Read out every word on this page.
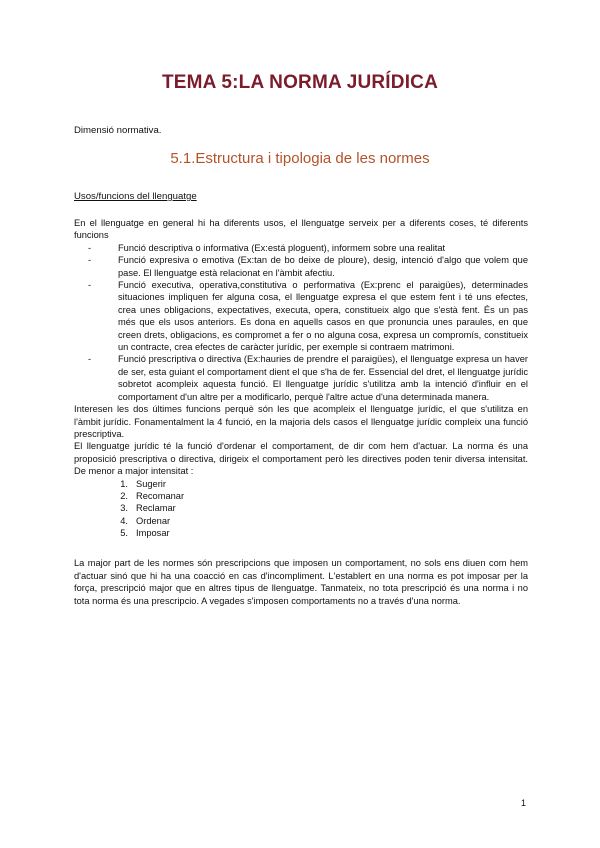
TEMA 5:LA NORMA JURÍDICA
Dimensió normativa.
5.1.Estructura i tipologia de les normes
Usos/funcions del llenguatge

En el llenguatge en general hi ha diferents usos, el llenguatge serveix per a diferents coses, té diferents funcions

- Funció descriptiva o informativa (Ex:está ploguent), informem sobre una realitat
- Funció expresiva o emotiva (Ex:tan de bo deixe de ploure), desig, intenció d'algo que volem que pase. El llenguatge està relacionat en l'àmbit afectiu.
- Funció executiva, operativa,constitutiva o performativa (Ex:prenc el paraigües), determinades situaciones impliquen fer alguna cosa, el llenguatge expresa el que estem fent i té uns efectes, crea unes obligacions, expectatives, executa, opera, constitueix algo que s'està fent. És un pas més que els usos anteriors. Es dona en aquells casos en que pronuncia unes paraules, en que creen drets, obligacions, es compromet a fer o no alguna cosa, expresa un compromís, constitueix un contracte, crea efectes de caràcter jurídic, per exemple si contraem matrimoni.
- Funció prescriptiva o directiva (Ex:hauries de prendre el paraigües), el llenguatge expresa un haver de ser, esta guiant el comportament dient el que s'ha de fer. Essencial del dret, el llenguatge jurídic sobretot acompleix aquesta funció. El llenguatge jurídic s'utilitza amb la intenció d'influir en el comportament d'un altre per a modificarlo, perquè l'altre actue d'una determinada manera.

Interesen les dos últimes funcions perquè són les que acompleix el llenguatge jurídic, el que s'utilitza en l'àmbit jurídic. Fonamentalment la 4 funció, en la majoria dels casos el llenguatge jurídic compleix una funció prescriptiva.

El llenguatge jurídic té la funció d'ordenar el comportament, de dir com hem d'actuar. La norma és una proposició prescriptiva o directiva, dirigeix el comportament però les directives poden tenir diversa intensitat. De menor a major intensitat :

1. Sugerir
2. Recomanar
3. Reclamar
4. Ordenar
5. Imposar

La major part de les normes són prescripcions que imposen un comportament, no sols ens diuen com hem d'actuar sinó que hi ha una coacció en cas d'incompliment. L'establert en una norma es pot imposar per la força, prescripció major que en altres tipus de llenguatge. Tanmateix, no tota prescripció és una norma i no tota norma és una prescripcio. A vegades s'imposen comportaments no a través d'una norma.

1
